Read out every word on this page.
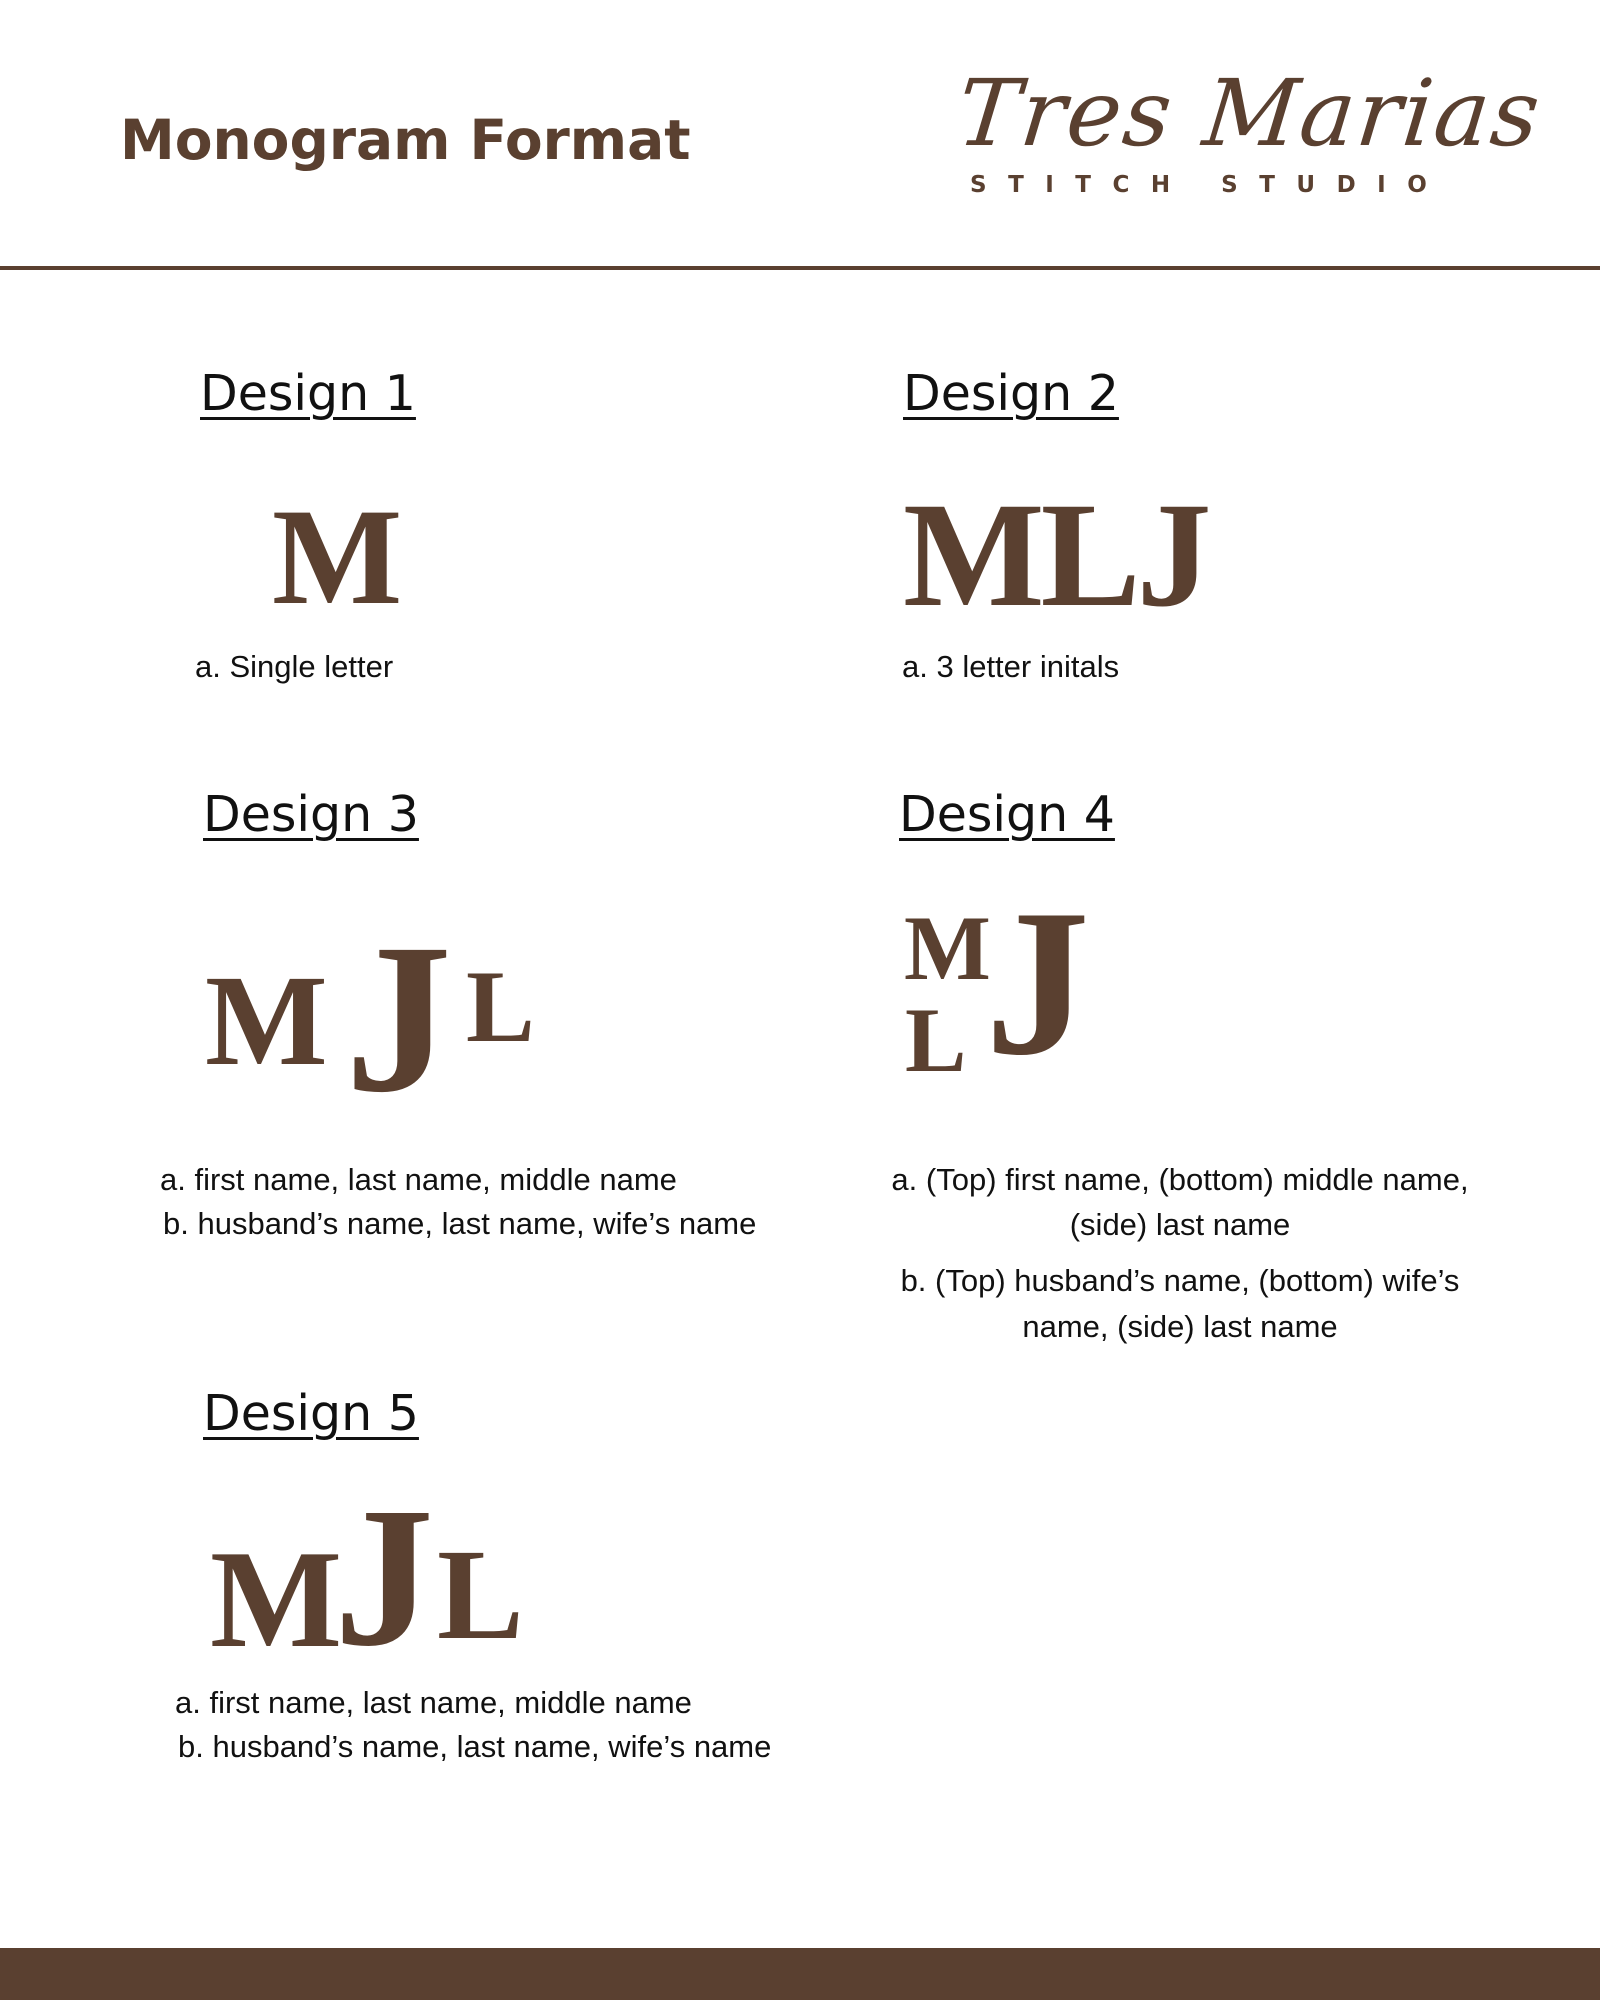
Monogram Format	Tres Marias
STITCH STUDIO
Design 1
M
a. Single letter
Design 2
MLJ
a. 3 letter initals
Design 3
M J L
a. first name, last name, middle name
b. husband’s name, last name, wife’s name
Design 4
M
L J
a. (Top) first name, (bottom) middle name,
(side) last name
b. (Top) husband’s name, (bottom) wife’s
name, (side) last name
Design 5
M
J L
a. first name, last name, middle name
b. husband’s name, last name, wife’s name
